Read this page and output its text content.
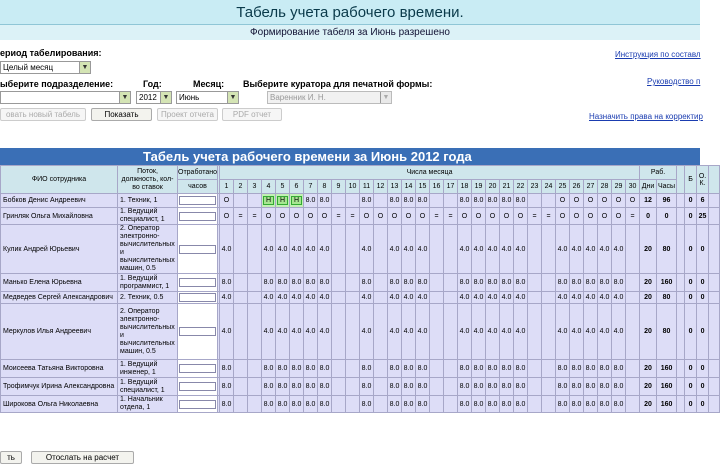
Табель учета рабочего времени.
Формирование табеля за Июнь разрешено
ериод табелирования:
Целый месяц	▼
ыберите подразделение:
▼
Год:
2012 ▼
Месяц:
Июнь	▼
Выберите куратора для печатной формы:
Варенник И. Н.	▼
овать новый табель	Показать	Проект отчета	PDF отчет
Инструкция по составл
Руководство п
Назначить права на корректир
Табель учета рабочего времени за Июнь 2012 года
ФИО сотрудника	Поток, должность, кол-во ставок	Отработано		Числа месяца																														Раб.			Б	О. К.	
		часов		1	2	3	4	5	6	7	8	9	10	11	12	13	14	15	16	17	18	19	20	21	22	23	24	25	26	27	28	29	30	Дни	Часы				
Бобков Денис Андреевич	1. Техник, 1			О			Н	Н	Н	8.0	8.0			8.0		8.0	8.0	8.0			8.0	8.0	8.0	8.0	8.0			О	О	О	О	О	О	12	96		0	6	
Гринляк Ольга Михайловна	1. Ведущий специалист, 1			О	=	=	О	О	О	О	О	=	=	О	О	О	О	О	=	=	О	О	О	О	О	=	=	О	О	О	О	О	=	0	0		0	25	
Кулик Андрей Юрьевич	2. Оператор электронно-вычислительных и вычислительных машин, 0.5			4.0			4.0	4.0	4.0	4.0	4.0			4.0		4.0	4.0	4.0			4.0	4.0	4.0	4.0	4.0			4.0	4.0	4.0	4.0	4.0		20	80		0	0	
Манько Елена Юрьевна	1. Ведущий программист, 1			8.0			8.0	8.0	8.0	8.0	8.0			8.0		8.0	8.0	8.0			8.0	8.0	8.0	8.0	8.0			8.0	8.0	8.0	8.0	8.0		20	160		0	0	
Медведев Сергей Александрович	2. Техник, 0.5			4.0			4.0	4.0	4.0	4.0	4.0			4.0		4.0	4.0	4.0			4.0	4.0	4.0	4.0	4.0			4.0	4.0	4.0	4.0	4.0		20	80		0	0	
Меркулов Илья Андреевич	2. Оператор электронно-вычислительных и вычислительных машин, 0.5			4.0			4.0	4.0	4.0	4.0	4.0			4.0		4.0	4.0	4.0			4.0	4.0	4.0	4.0	4.0			4.0	4.0	4.0	4.0	4.0		20	80		0	0	
Моисеева Татьяна Викторовна	1. Ведущий инженер, 1			8.0			8.0	8.0	8.0	8.0	8.0			8.0		8.0	8.0	8.0			8.0	8.0	8.0	8.0	8.0			8.0	8.0	8.0	8.0	8.0		20	160		0	0	
Трофимчук Ирина Александровна	1. Ведущий специалист, 1			8.0			8.0	8.0	8.0	8.0	8.0			8.0		8.0	8.0	8.0			8.0	8.0	8.0	8.0	8.0			8.0	8.0	8.0	8.0	8.0		20	160		0	0	
Широкова Ольга Николаевна	1. Начальник отдела, 1			8.0			8.0	8.0	8.0	8.0	8.0			8.0		8.0	8.0	8.0			8.0	8.0	8.0	8.0	8.0			8.0	8.0	8.0	8.0	8.0		20	160		0	0	
ть	Отослать на расчет
